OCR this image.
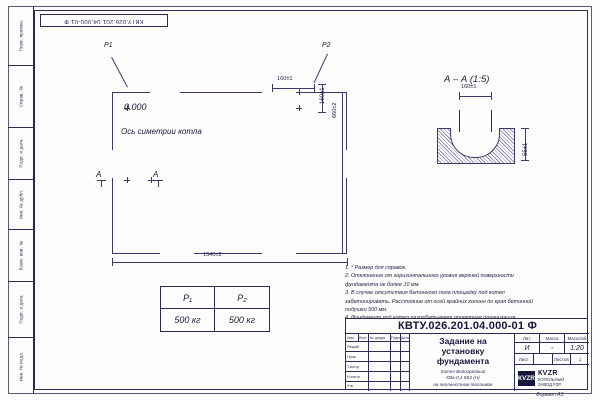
Перв. примен.
Справ. №
Подп. и дата
Инв. № дубл.
Взам. инв. №
Подп. и дата
Инв. № подл.
КВТУ.026.201.04.000-01 Ф
Р1	Р2
0.000
Ось симетрии котла
А	А
160±1
160±1
660±2
1540±2
А – А (1:5)
160±1
55±1
1. * Размер для справок.
2. Отклонение от горизонтального уровня верхней поверхности
фундамента не более 10 мм.
3. В случае отсутствия бетонного пола площадку под котел
забетонировать. Расстояние от осей крайних колонн до края бетонной
подушки 500 мм.
Р₁	Р₂
500 кг	500 кг	КВТУ.026.201.04.000-01 Ф
Изм. Лист № докум. Подп. Дата
Разраб.
Пров.
Т.контр.
Н.контр.
Утв.
Задание на
установку
фундамента
Котел Водогрейный
КВа-0,1 КБ2 (Н)
на пелленстном топливом
Лит.	Масса	Масштаб
И	-	1:20
Лист	Листов	1
КVZR
КVZR
КОТЕЛЬНЫЙ
ЗАВОД РЗР
Формат A3
